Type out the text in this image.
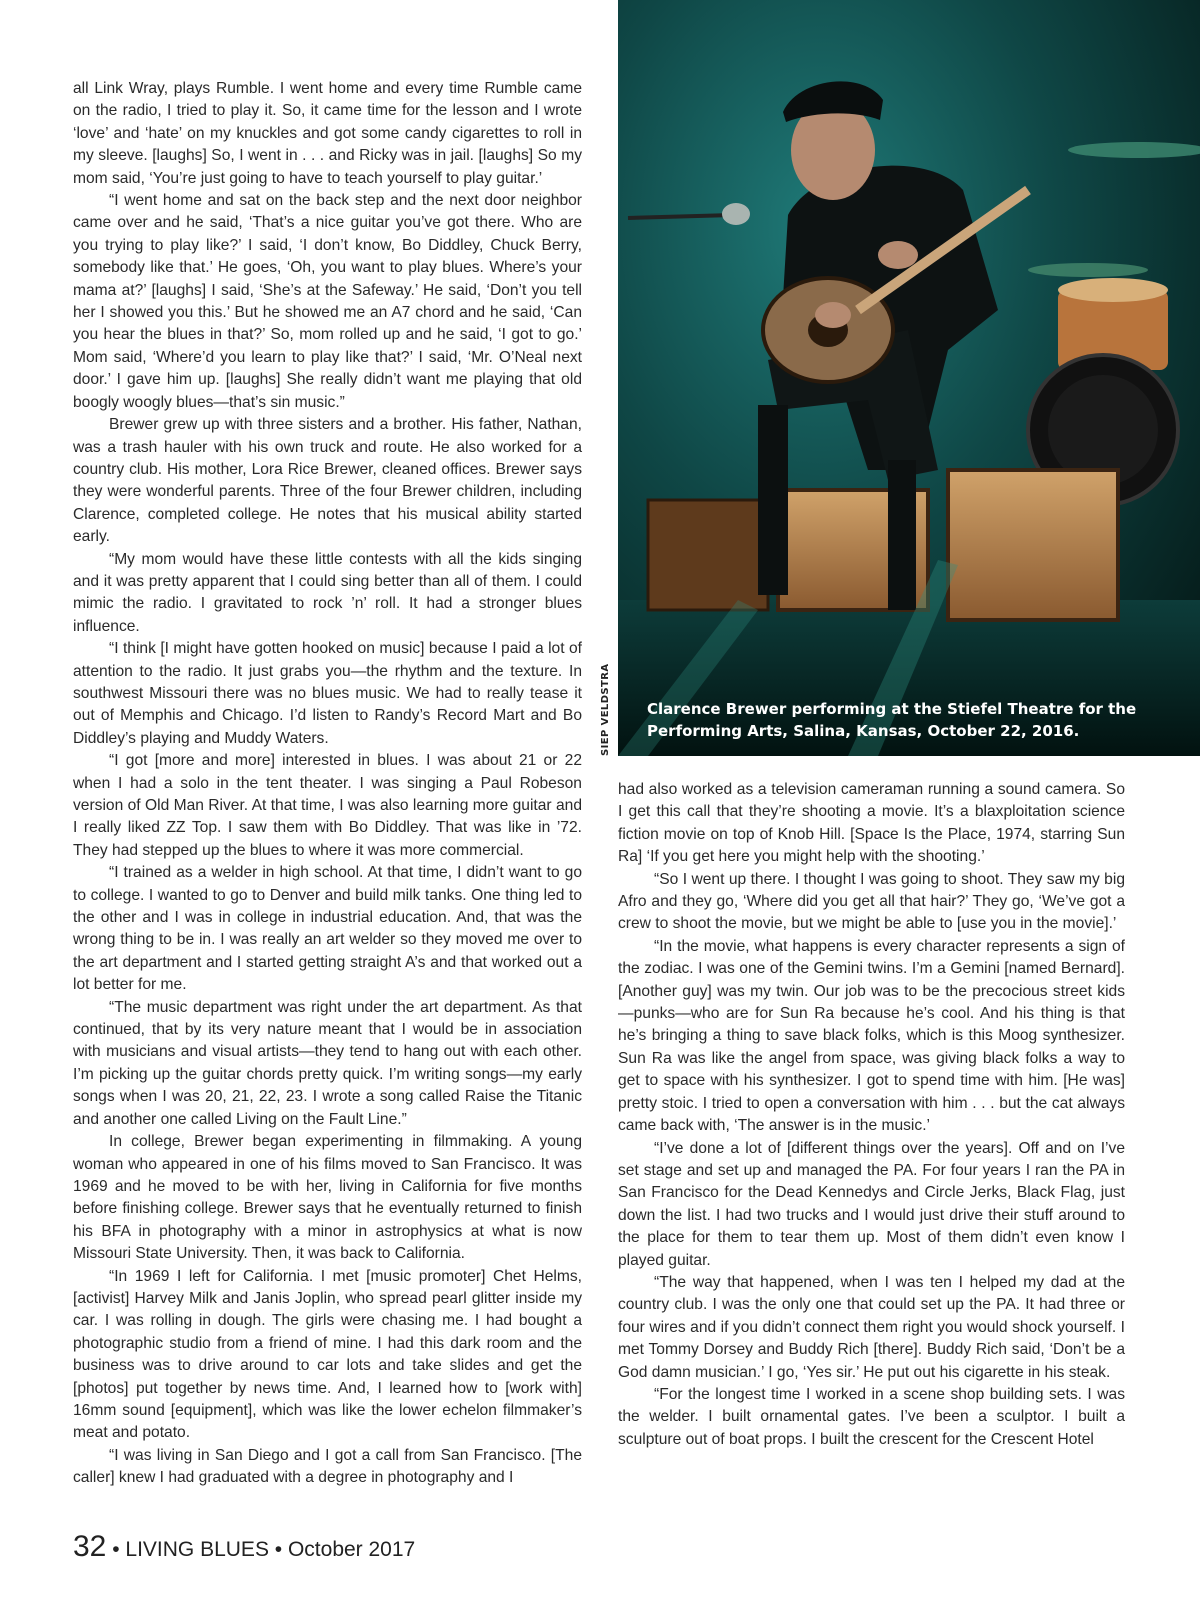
all Link Wray, plays Rumble. I went home and every time Rumble came on the radio, I tried to play it. So, it came time for the lesson and I wrote ‘love’ and ‘hate’ on my knuckles and got some candy cigarettes to roll in my sleeve. [laughs] So, I went in . . . and Ricky was in jail. [laughs] So my mom said, ‘You’re just going to have to teach yourself to play guitar.’

“I went home and sat on the back step and the next door neighbor came over and he said, ‘That’s a nice guitar you’ve got there. Who are you trying to play like?’ I said, ‘I don’t know, Bo Diddley, Chuck Berry, somebody like that.’ He goes, ‘Oh, you want to play blues. Where’s your mama at?’ [laughs] I said, ‘She’s at the Safeway.’ He said, ‘Don’t you tell her I showed you this.’ But he showed me an A7 chord and he said, ‘Can you hear the blues in that?’ So, mom rolled up and he said, ‘I got to go.’ Mom said, ‘Where’d you learn to play like that?’ I said, ‘Mr. O’Neal next door.’ I gave him up. [laughs] She really didn’t want me playing that old boogly woogly blues—that’s sin music.”

Brewer grew up with three sisters and a brother. His father, Nathan, was a trash hauler with his own truck and route. He also worked for a country club. His mother, Lora Rice Brewer, cleaned offices. Brewer says they were wonderful parents. Three of the four Brewer children, including Clarence, completed college. He notes that his musical ability started early.

“My mom would have these little contests with all the kids singing and it was pretty apparent that I could sing better than all of them. I could mimic the radio. I gravitated to rock ’n’ roll. It had a stronger blues influence.

“I think [I might have gotten hooked on music] because I paid a lot of attention to the radio. It just grabs you—the rhythm and the texture. In southwest Missouri there was no blues music. We had to really tease it out of Memphis and Chicago. I’d listen to Randy’s Record Mart and Bo Diddley’s playing and Muddy Waters.

“I got [more and more] interested in blues. I was about 21 or 22 when I had a solo in the tent theater. I was singing a Paul Robeson version of Old Man River. At that time, I was also learning more guitar and I really liked ZZ Top. I saw them with Bo Diddley. That was like in ’72. They had stepped up the blues to where it was more commercial.

“I trained as a welder in high school. At that time, I didn’t want to go to college. I wanted to go to Denver and build milk tanks. One thing led to the other and I was in college in industrial education. And, that was the wrong thing to be in. I was really an art welder so they moved me over to the art department and I started getting straight A’s and that worked out a lot better for me.

“The music department was right under the art department. As that continued, that by its very nature meant that I would be in association with musicians and visual artists—they tend to hang out with each other. I’m picking up the guitar chords pretty quick. I’m writing songs—my early songs when I was 20, 21, 22, 23. I wrote a song called Raise the Titanic and another one called Living on the Fault Line.”

In college, Brewer began experimenting in filmmaking. A young woman who appeared in one of his films moved to San Francisco. It was 1969 and he moved to be with her, living in California for five months before finishing college. Brewer says that he eventually returned to finish his BFA in photography with a minor in astrophysics at what is now Missouri State University. Then, it was back to California.

“In 1969 I left for California. I met [music promoter] Chet Helms, [activist] Harvey Milk and Janis Joplin, who spread pearl glitter inside my car. I was rolling in dough. The girls were chasing me. I had bought a photographic studio from a friend of mine. I had this dark room and the business was to drive around to car lots and take slides and get the [photos] put together by news time. And, I learned how to [work with] 16mm sound [equipment], which was like the lower echelon filmmaker’s meat and potato.

“I was living in San Diego and I got a call from San Francisco. [The caller] knew I had graduated with a degree in photography and I

Clarence Brewer performing at the Stiefel Theatre for the
Performing Arts, Salina, Kansas, October 22, 2016.
SIEP VELDSTRA

had also worked as a television cameraman running a sound camera. So I get this call that they’re shooting a movie. It’s a blaxploitation science fiction movie on top of Knob Hill. [Space Is the Place, 1974, starring Sun Ra] ‘If you get here you might help with the shooting.’

“So I went up there. I thought I was going to shoot. They saw my big Afro and they go, ‘Where did you get all that hair?’ They go, ‘We’ve got a crew to shoot the movie, but we might be able to [use you in the movie].’

“In the movie, what happens is every character represents a sign of the zodiac. I was one of the Gemini twins. I’m a Gemini [named Bernard]. [Another guy] was my twin. Our job was to be the precocious street kids—punks—who are for Sun Ra because he’s cool. And his thing is that he’s bringing a thing to save black folks, which is this Moog synthesizer. Sun Ra was like the angel from space, was giving black folks a way to get to space with his synthesizer. I got to spend time with him. [He was] pretty stoic. I tried to open a conversation with him . . . but the cat always came back with, ‘The answer is in the music.’

“I’ve done a lot of [different things over the years]. Off and on I’ve set stage and set up and managed the PA. For four years I ran the PA in San Francisco for the Dead Kennedys and Circle Jerks, Black Flag, just down the list. I had two trucks and I would just drive their stuff around to the place for them to tear them up. Most of them didn’t even know I played guitar.

“The way that happened, when I was ten I helped my dad at the country club. I was the only one that could set up the PA. It had three or four wires and if you didn’t connect them right you would shock yourself. I met Tommy Dorsey and Buddy Rich [there]. Buddy Rich said, ‘Don’t be a God damn musician.’ I go, ‘Yes sir.’ He put out his cigarette in his steak.

“For the longest time I worked in a scene shop building sets. I was the welder. I built ornamental gates. I’ve been a sculptor. I built a sculpture out of boat props. I built the crescent for the Crescent Hotel

32 • LIVING BLUES • October 2017
